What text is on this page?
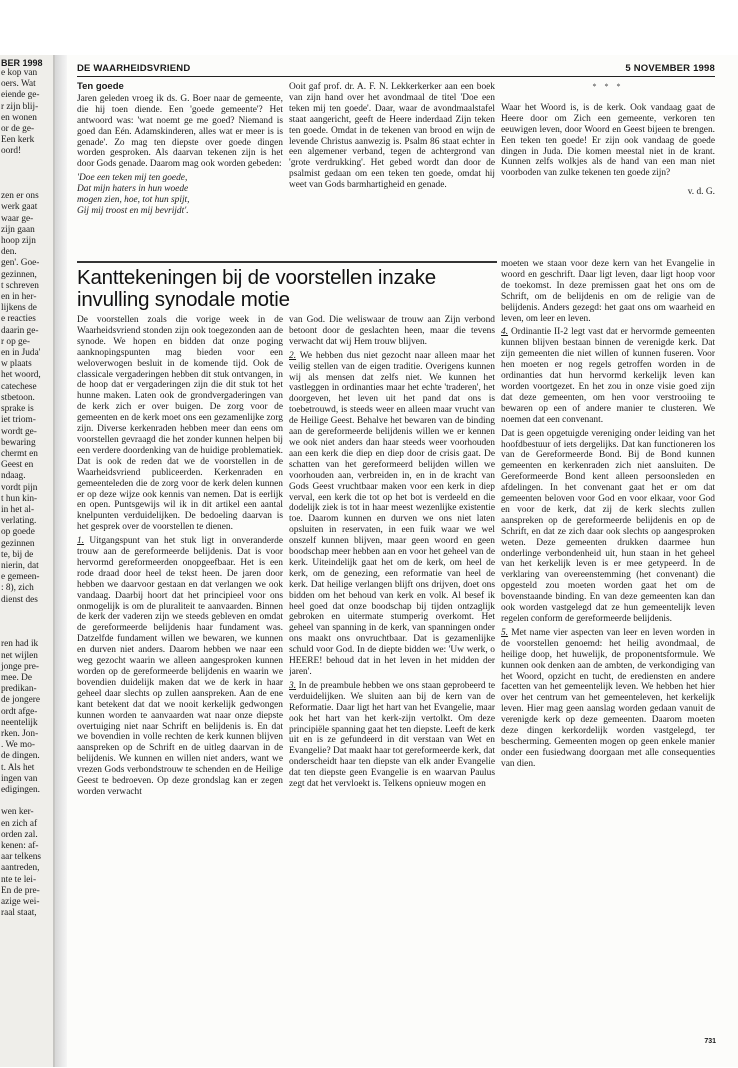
BER 1998

e kop van

oers. Wat

eiende ge-

r zijn blij-

en wonen

or de ge-

Een kerk

oord!

zen er ons

werk gaat

waar ge-

zijn gaan

hoop zijn

den.

gen'. Goe-

gezinnen,

t schreven

en in her-

lijkens de

e reacties

daarin ge-

r op ge-

en in Juda'

w plaats

het woord,

catechese

stbetoon.

sprake is

iet triom-

wordt ge-

bewaring

chermt en

Geest en

ndaag.

vordt pijn

t hun kin-

in het al-

verlating.

op goede

gezinnen

te, bij de

nierin, dat

e gemeen-

: 8), zich

dienst des

ren had ik

net wijlen

jonge pre-

mee. De

predikan-

de jongere

ordt afge-

neentelijk

rken. Jon-

. We mo-

de dingen.

t. Als het

ingen van

edigingen.

wen ker-

en zich af

orden zal.

kenen: af-

aar telkens

aantreden,

nte te lei-

En de pre-

azige wei-

raal staat,

DE WAARHEIDSVRIEND	5 NOVEMBER 1998
Ten goede

Jaren geleden vroeg ik ds. G. Boer naar de gemeente, die hij toen diende. Een 'goede gemeente'? Het antwoord was: 'wat noemt ge me goed? Niemand is goed dan Eén. Adamskinderen, alles wat er meer is is genade'. Zo mag ten diepste over goede dingen worden gesproken. Als daarvan tekenen zijn is het door Gods genade. Daarom mag ook worden gebeden:

'Doe een teken mij ten goede,
Dat mijn haters in hun woede
mogen zien, hoe, tot hun spijt,
Gij mij troost en mij bevrijdt'.

Ooit gaf prof. dr. A. F. N. Lekkerkerker aan een boek van zijn hand over het avondmaal de titel 'Doe een teken mij ten goede'. Daar, waar de avondmaalstafel staat aangericht, geeft de Heere inderdaad Zijn teken ten goede. Omdat in de tekenen van brood en wijn de levende Christus aanwezig is. Psalm 86 staat echter in een algemener verband, tegen de achtergrond van 'grote verdrukking'. Het gebed wordt dan door de psalmist gedaan om een teken ten goede, omdat hij weet van Gods barmhartigheid en genade.

* * *

Waar het Woord is, is de kerk. Ook vandaag gaat de Heere door om Zich een gemeente, verkoren ten eeuwigen leven, door Woord en Geest bijeen te brengen. Een teken ten goede! Er zijn ook vandaag de goede dingen in Juda. Die komen meestal niet in de krant. Kunnen zelfs wolkjes als de hand van een man niet voorboden van zulke tekenen ten goede zijn?

v. d. G.
Kanttekeningen bij de voorstellen inzake invulling synodale motie

De voorstellen zoals die vorige week in de Waarheidsvriend stonden zijn ook toegezonden aan de synode. We hopen en bidden dat onze poging aanknopingspunten mag bieden voor een weloverwogen besluit in de komende tijd. Ook de classicale vergaderingen hebben dit stuk ontvangen, in de hoop dat er vergaderingen zijn die dit stuk tot het hunne maken. Laten ook de grondvergaderingen van de kerk zich er over buigen. De zorg voor de gemeenten en de kerk moet ons een gezamenlijke zorg zijn. Diverse kerkenraden hebben meer dan eens om voorstellen gevraagd die het zonder kunnen helpen bij een verdere doordenking van de huidige problematiek. Dat is ook de reden dat we de voorstellen in de Waarheidsvriend publiceerden. Kerkenraden en gemeenteleden die de zorg voor de kerk delen kunnen er op deze wijze ook kennis van nemen. Dat is eerlijk en open. Puntsgewijs wil ik in dit artikel een aantal knelpunten verduidelijken. De bedoeling daarvan is het gesprek over de voorstellen te dienen.

1. Uitgangspunt van het stuk ligt in onveranderde trouw aan de gereformeerde belijdenis. Dat is voor hervormd gereformeerden onopgeefbaar. Het is een rode draad door heel de tekst heen. De jaren door hebben we daarvoor gestaan en dat verlangen we ook vandaag. Daarbij hoort dat het principieel voor ons onmogelijk is om de pluraliteit te aanvaarden. Binnen de kerk der vaderen zijn we steeds gebleven en omdat de gereformeerde belijdenis haar fundament was. Datzelfde fundament willen we bewaren, we kunnen en durven niet anders. Daarom hebben we naar een weg gezocht waarin we alleen aangesproken kunnen worden op de gereformeerde belijdenis en waarin we bovendien duidelijk maken dat we de kerk in haar geheel daar slechts op zullen aanspreken. Aan de ene kant betekent dat dat we nooit kerkelijk gedwongen kunnen worden te aanvaarden wat naar onze diepste overtuiging niet naar Schrift en belijdenis is. En dat we bovendien in volle rechten de kerk kunnen blijven aanspreken op de Schrift en de uitleg daarvan in de belijdenis. We kunnen en willen niet anders, want we vrezen Gods verbondstrouw te schenden en de Heilige Geest te bedroeven. Op deze grondslag kan er zegen worden verwacht

van God. Die weliswaar de trouw aan Zijn verbond betoont door de geslachten heen, maar die tevens verwacht dat wij Hem trouw blijven.

2. We hebben dus niet gezocht naar alleen maar het veilig stellen van de eigen traditie. Overigens kunnen wij als mensen dat zelfs niet. We kunnen het vastleggen in ordinanties maar het echte 'traderen', het doorgeven, het leven uit het pand dat ons is toebetrouwd, is steeds weer en alleen maar vrucht van de Heilige Geest. Behalve het bewaren van de binding aan de gereformeerde belijdenis willen we er kennen we ook niet anders dan haar steeds weer voorhouden aan een kerk die diep en diep door de crisis gaat. De schatten van het gereformeerd belijden willen we voorhouden aan, verbreiden in, en in de kracht van Gods Geest vruchtbaar maken voor een kerk in diep verval, een kerk die tot op het bot is verdeeld en die dodelijk ziek is tot in haar meest wezenlijke existentie toe. Daarom kunnen en durven we ons niet laten opsluiten in reservaten, in een fuik waar we wel onszelf kunnen blijven, maar geen woord en geen boodschap meer hebben aan en voor het geheel van de kerk. Uiteindelijk gaat het om de kerk, om heel de kerk, om de genezing, een reformatie van heel de kerk. Dat heilige verlangen blijft ons drijven, doet ons bidden om het behoud van kerk en volk. Al besef ik heel goed dat onze boodschap bij tijden ontzaglijk gebroken en uitermate stumperig overkomt. Het geheel van spanning in de kerk, van spanningen onder ons maakt ons onvruchtbaar. Dat is gezamenlijke schuld voor God. In de diepte bidden we: 'Uw werk, o HEERE! behoud dat in het leven in het midden der jaren'.

3. In de preambule hebben we ons staan geprobeerd te verduidelijken. We sluiten aan bij de kern van de Reformatie. Daar ligt het hart van het Evangelie, maar ook het hart van het kerk-zijn vertolkt. Om deze principiële spanning gaat het ten diepste. Leeft de kerk uit en is ze gefundeerd in dit verstaan van Wet en Evangelie? Dat maakt haar tot gereformeerde kerk, dat onderscheidt haar ten diepste van elk ander Evangelie dat ten diepste geen Evangelie is en waarvan Paulus zegt dat het vervloekt is. Telkens opnieuw mogen en

moeten we staan voor deze kern van het Evangelie in woord en geschrift. Daar ligt leven, daar ligt hoop voor de toekomst. In deze premissen gaat het ons om de Schrift, om de belijdenis en om de religie van de belijdenis. Anders gezegd: het gaat ons om waarheid en leven, om leer en leven.

4. Ordinantie II-2 legt vast dat er hervormde gemeenten kunnen blijven bestaan binnen de verenigde kerk. Dat zijn gemeenten die niet willen of kunnen fuseren. Voor hen moeten er nog regels getroffen worden in de ordinanties dat hun hervormd kerkelijk leven kan worden voortgezet. En het zou in onze visie goed zijn dat deze gemeenten, om hen voor verstrooiing te bewaren op een of andere manier te clusteren. We noemen dat een convenant.

Dat is geen opgetuigde vereniging onder leiding van het hoofdbestuur of iets dergelijks. Dat kan functioneren los van de Gereformeerde Bond. Bij de Bond kunnen gemeenten en kerkenraden zich niet aansluiten. De Gereformeerde Bond kent alleen persoonsleden en afdelingen. In het convenant gaat het er om dat gemeenten beloven voor God en voor elkaar, voor God en voor de kerk, dat zij de kerk slechts zullen aanspreken op de gereformeerde belijdenis en op de Schrift, en dat ze zich daar ook slechts op aangesproken weten. Deze gemeenten drukken daarmee hun onderlinge verbondenheid uit, hun staan in het geheel van het kerkelijk leven is er mee getypeerd. In de verklaring van overeenstemming (het convenant) die opgesteld zou moeten worden gaat het om de bovenstaande binding. En van deze gemeenten kan dan ook worden vastgelegd dat ze hun gemeentelijk leven regelen conform de gereformeerde belijdenis.

5. Met name vier aspecten van leer en leven worden in de voorstellen genoemd: het heilig avondmaal, de heilige doop, het huwelijk, de proponentsformule. We kunnen ook denken aan de ambten, de verkondiging van het Woord, opzicht en tucht, de erediensten en andere facetten van het gemeentelijk leven. We hebben het hier over het centrum van het gemeenteleven, het kerkelijk leven. Hier mag geen aanslag worden gedaan vanuit de verenigde kerk op deze gemeenten. Daarom moeten deze dingen kerkordelijk worden vastgelegd, ter bescherming. Gemeenten mogen op geen enkele manier onder een fusiedwang doorgaan met alle consequenties van dien.

731
